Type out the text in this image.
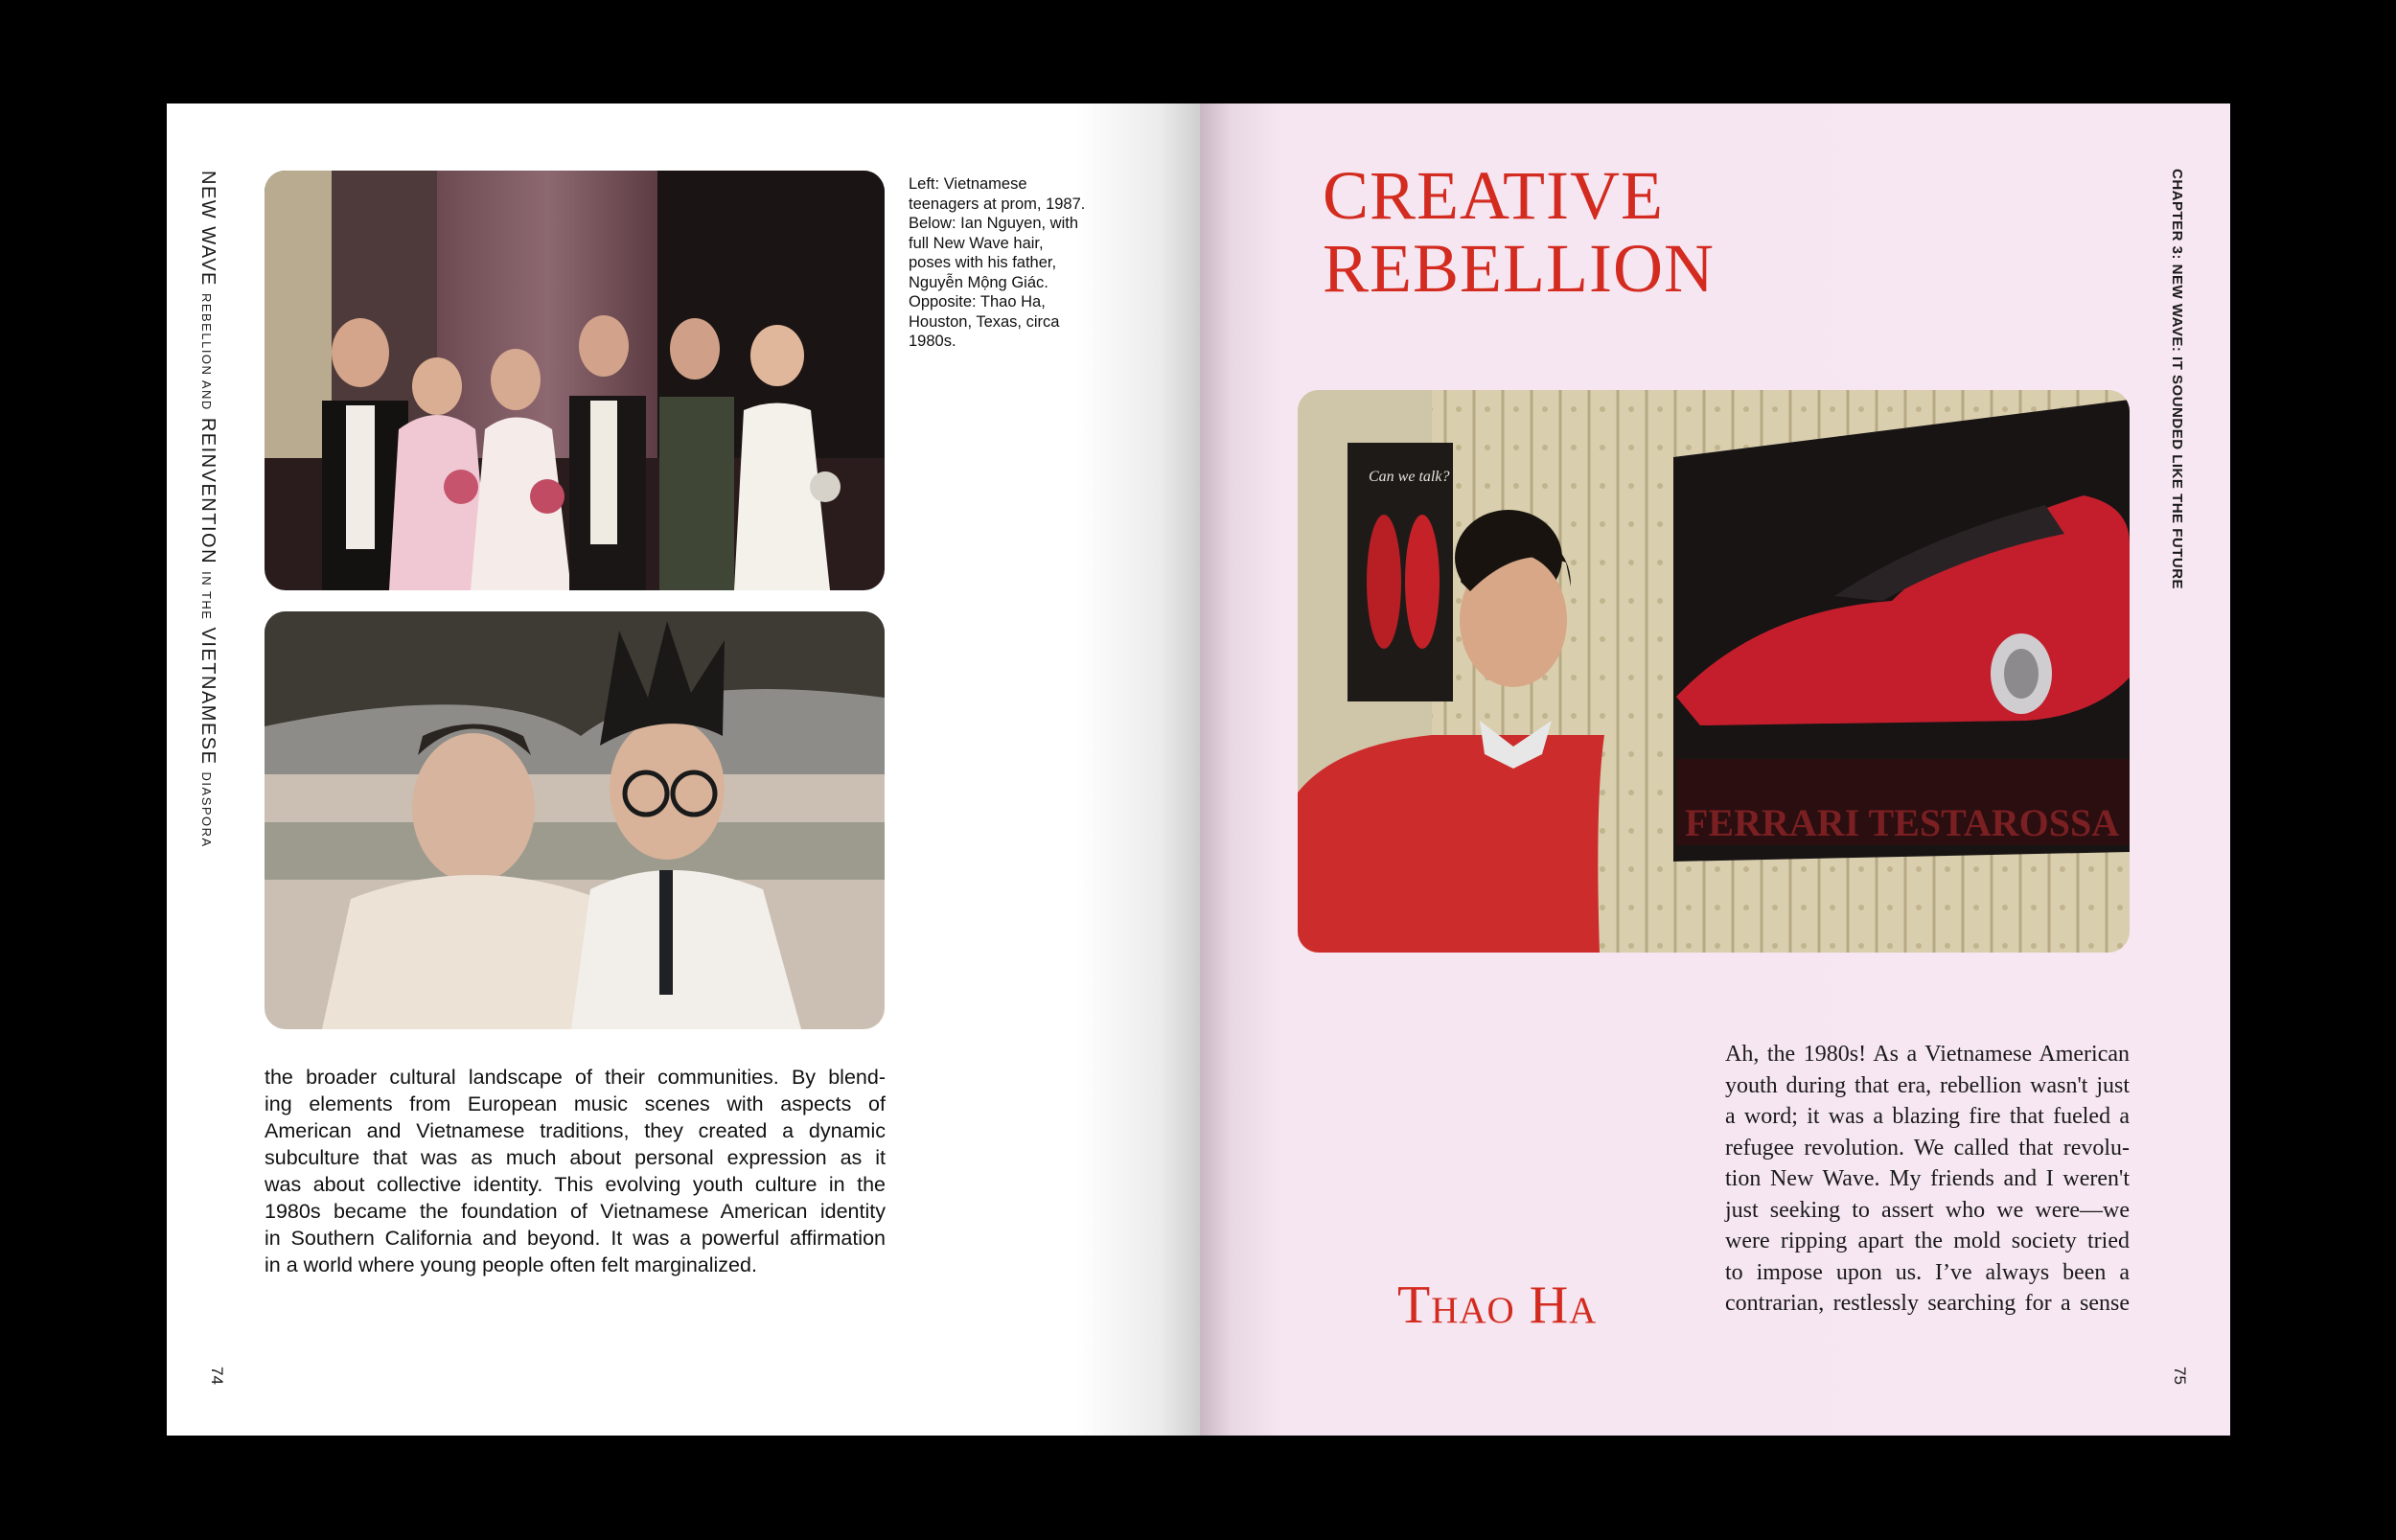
NEW WAVE REBELLION AND REINVENTION IN THE VIETNAMESE DIASPORA
CHAPTER 3: NEW WAVE: IT SOUNDED LIKE THE FUTURE
74	75
Left: Vietnamese
teenagers at prom, 1987.
Below: Ian Nguyen, with
full New Wave hair,
poses with his father,
Nguyễn Mộng Giác.
Opposite: Thao Ha,
Houston, Texas, circa
1980s.
the broader cultural landscape of their communities. By blend-
ing elements from European music scenes with aspects of
American and Vietnamese traditions, they created a dynamic
subculture that was as much about personal expression as it
was about collective identity. This evolving youth culture in the
1980s became the foundation of Vietnamese American identity
in Southern California and beyond. It was a powerful affirmation
in a world where young people often felt marginalized.
CREATIVE
REBELLION
Can we talk?
FERRARI TESTAROSSA
Thao Ha
Ah, the 1980s! As a Vietnamese American
youth during that era, rebellion wasn't just
a word; it was a blazing fire that fueled a
refugee revolution. We called that revolu-
tion New Wave. My friends and I weren't
just seeking to assert who we were—we
were ripping apart the mold society tried
to impose upon us. I’ve always been a
contrarian, restlessly searching for a sense
